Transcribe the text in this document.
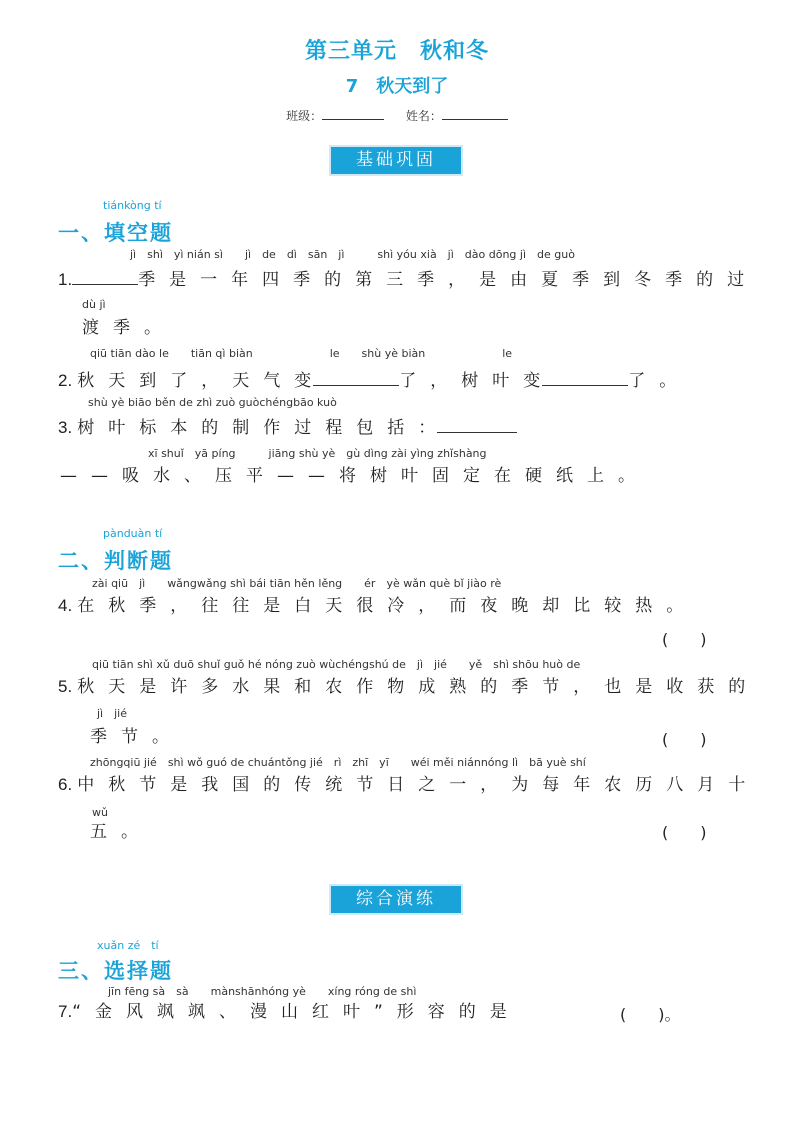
第三单元　秋和冬
7　秋天到了
班级：	姓名：
基础巩固
tiánkòng tí
一、填空题
jì　shì　yì nián sì　　jì　de　dì　sān　jì　　　shì yóu xià　jì　dào dōng jì　de guò
1.	季是一年四季的第三季，是由夏季到冬季的过
dù jì
渡季。
qiū tiān dào le　　tiān qì biàn　　　　　　　le　　shù yè biàn　　　　　　　le
2. 秋天到了，天气变	了，树叶变	了。
shù yè biāo běn de zhì zuò guòchéngbāo kuò
3. 树叶标本的制作过程包括：
xī shuǐ　yā píng　　　jiāng shù yè　gù dìng zài yìng zhǐshàng
——吸水、压平——将树叶固定在硬纸上。
pànduàn tí
二、判断题
zài qiū　jì　　wǎngwǎng shì bái tiān hěn lěng　　ér　yè wǎn què bǐ jiào rè
4. 在秋季，往往是白天很冷，而夜晚却比较热。
(　　)
qiū tiān shì xǔ duō shuǐ guǒ hé nóng zuò wùchéngshú de　jì　jié　　yě　shì shōu huò de
5. 秋天是许多水果和农作物成熟的季节，也是收获的
jì　jié
季节。	(　　)
zhōngqiū jié　shì wǒ guó de chuántǒng jié　rì　zhī　yī　　wéi měi niánnóng lì　bā yuè shí
6. 中秋节是我国的传统节日之一，为每年农历八月十
wǔ
五。	(　　)
综合演练
xuǎn zé　tí
三、选择题
jīn fēng sà　sà　　mànshānhóng yè　　xíng róng de shì
7.“金风飒飒、漫山红叶”形容的是	(　　)。
